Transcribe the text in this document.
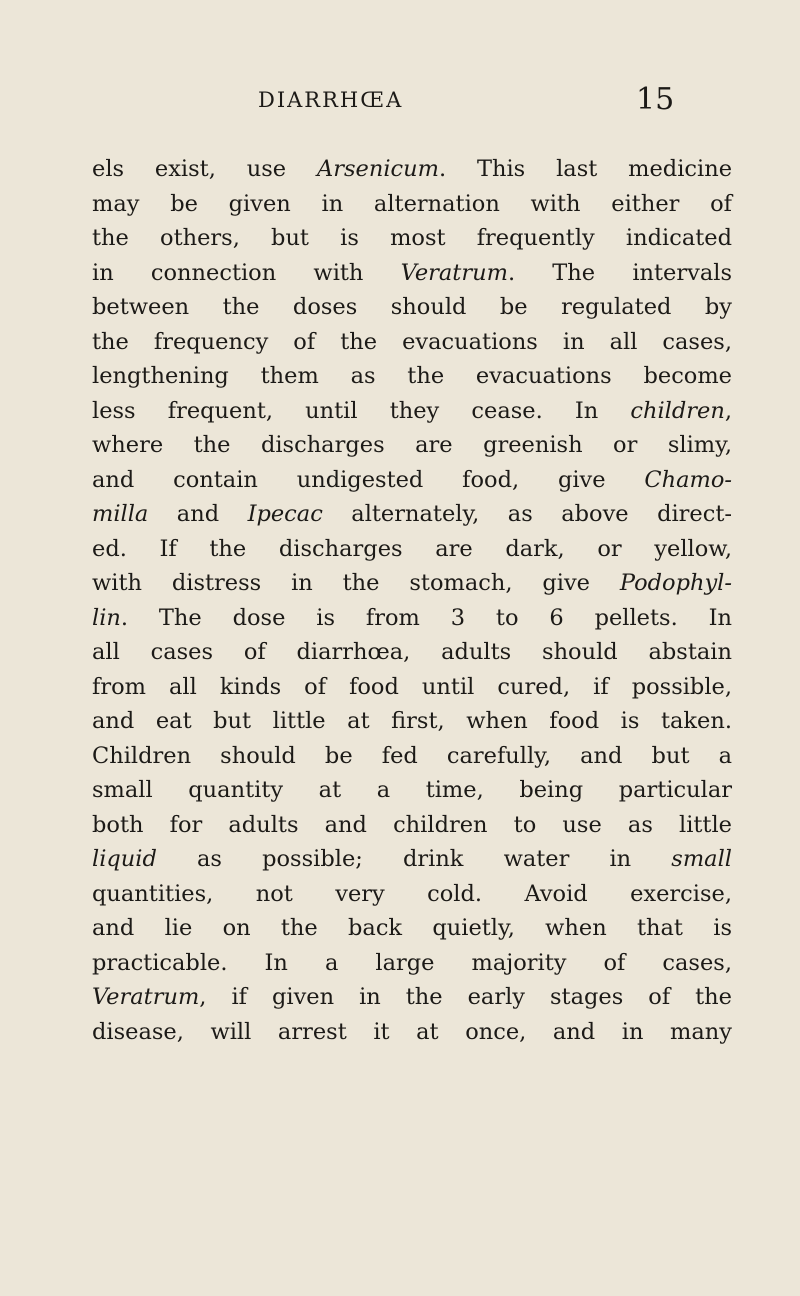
DIARRHŒA	15
els exist, use Arsenicum. This last medicine
may be given in alternation with either of
the others, but is most frequently indicated
in connection with Veratrum. The intervals
between the doses should be regulated by
the frequency of the evacuations in all cases,
lengthening them as the evacuations become
less frequent, until they cease. In children,
where the discharges are greenish or slimy,
and contain undigested food, give Chamo-
milla and Ipecac alternately, as above direct-
ed. If the discharges are dark, or yellow,
with distress in the stomach, give Podophyl-
lin. The dose is from 3 to 6 pellets. In
all cases of diarrhœa, adults should abstain
from all kinds of food until cured, if possible,
and eat but little at first, when food is taken.
Children should be fed carefully, and but a
small quantity at a time, being particular
both for adults and children to use as little
liquid as possible; drink water in small
quantities, not very cold. Avoid exercise,
and lie on the back quietly, when that is
practicable. In a large majority of cases,
Veratrum, if given in the early stages of the
disease, will arrest it at once, and in many
